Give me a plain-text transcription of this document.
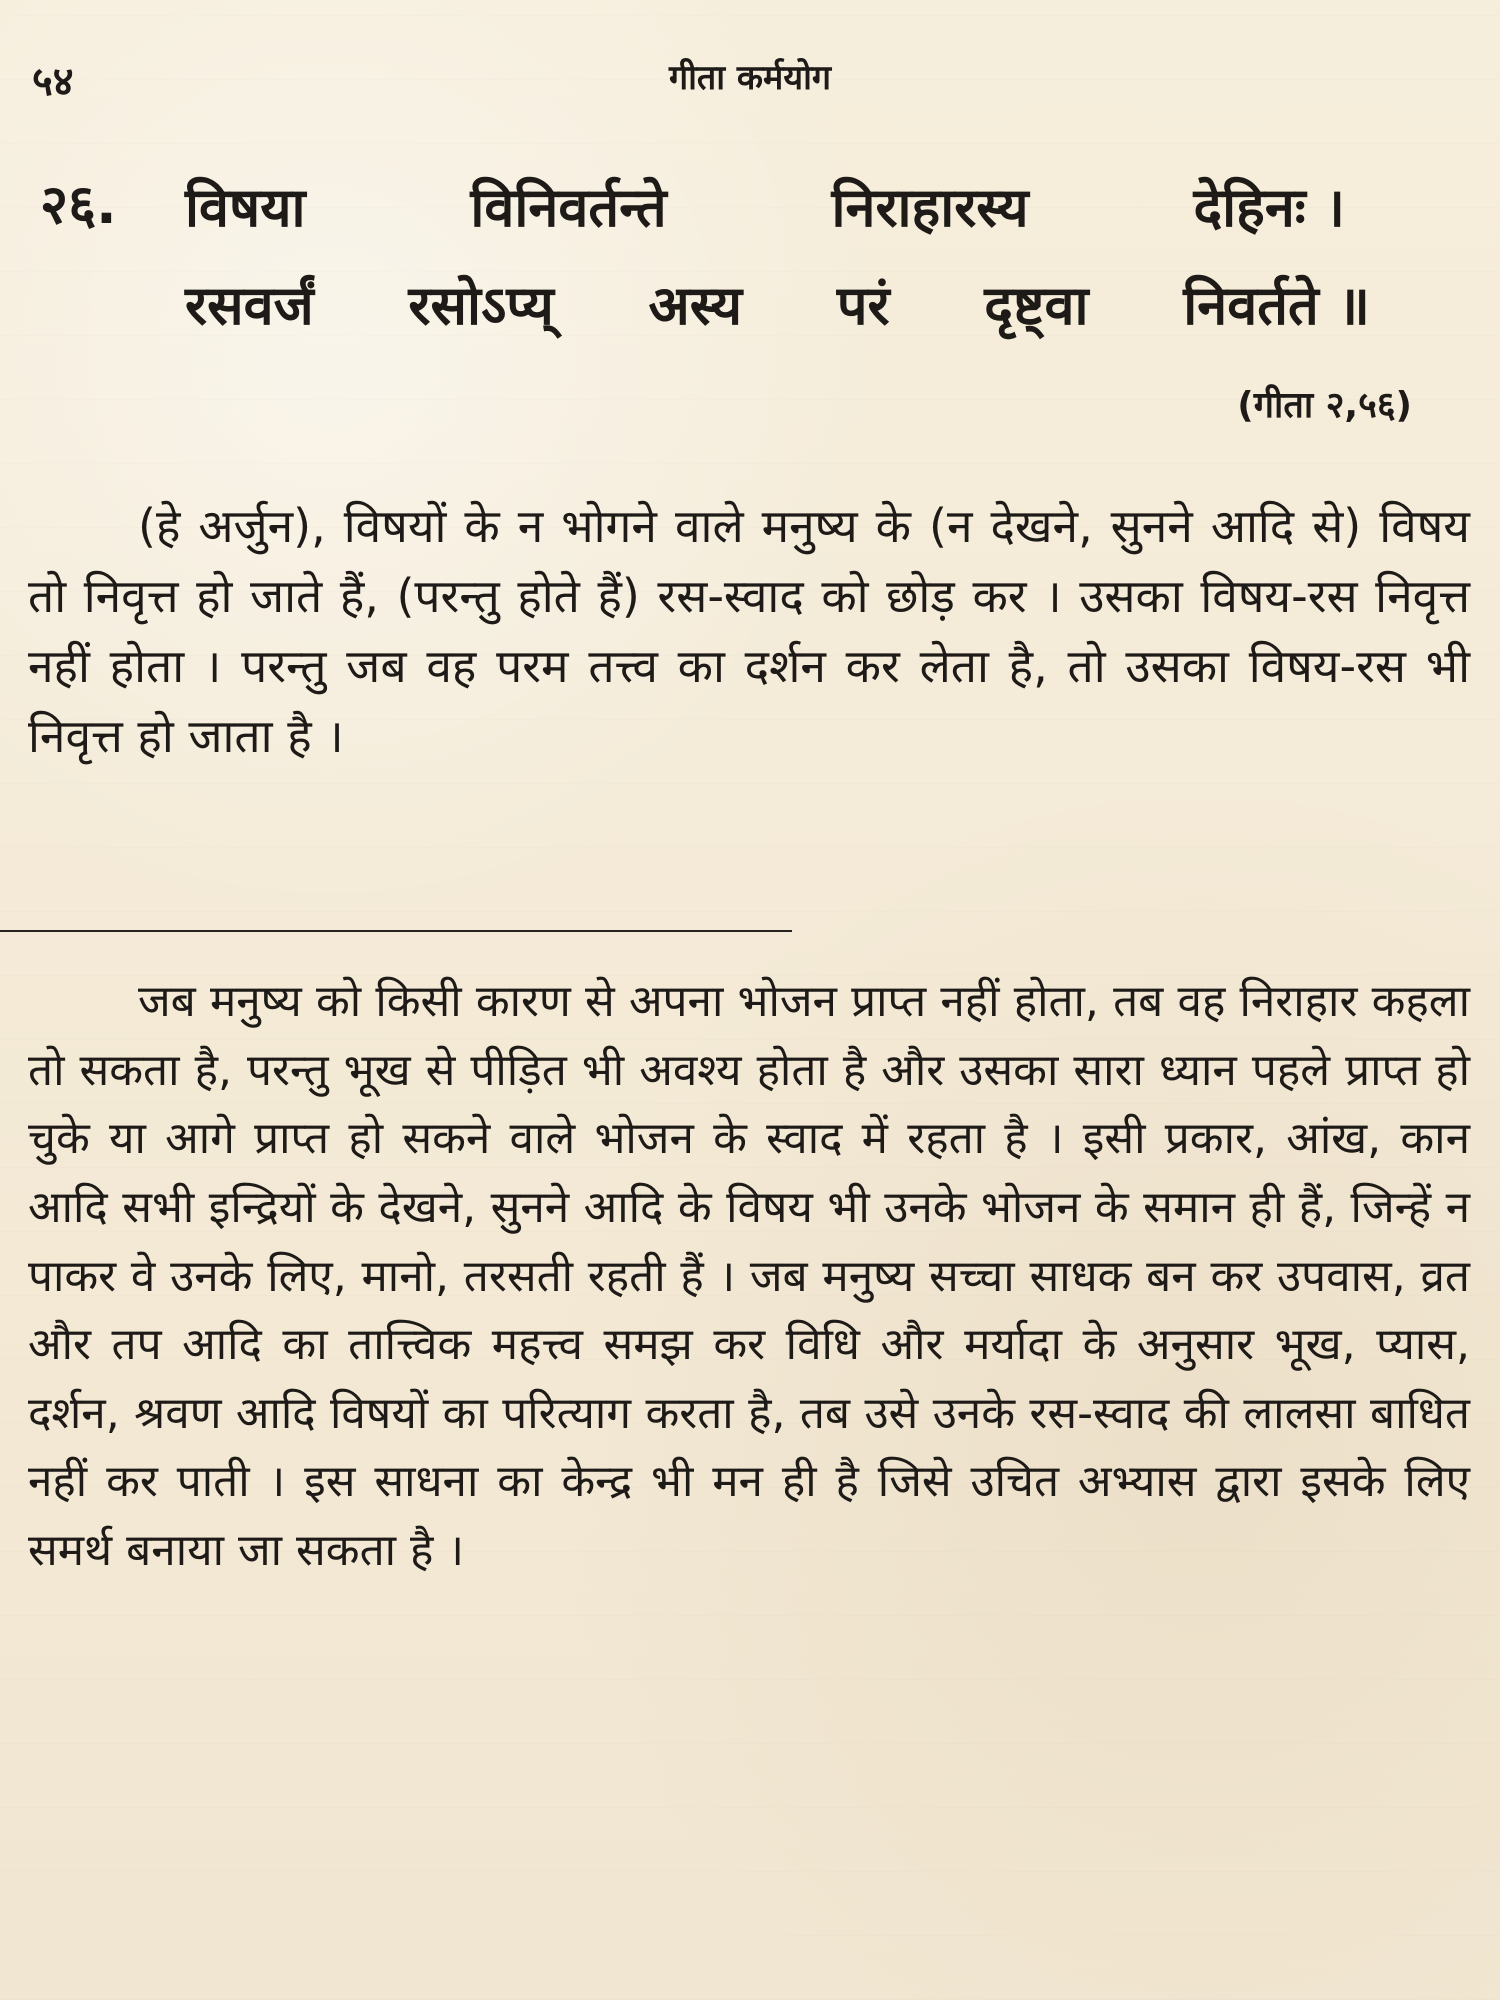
५४	गीता कर्मयोग
२६. विषया	विनिवर्तन्ते	निराहारस्य	देहिनः ।
रसवर्जं रसोऽप्य् अस्य परं दृष्ट्वा निवर्तते ॥
(गीता २,५६)
(हे अर्जुन), विषयों के न भोगने वाले मनुष्य के (न देखने, सुनने आदि से) विषय तो निवृत्त हो जाते हैं, (परन्तु होते हैं) रस-स्वाद को छोड़ कर । उसका विषय-रस निवृत्त नहीं होता । परन्तु जब वह परम तत्त्व का दर्शन कर लेता है, तो उसका विषय-रस भी निवृत्त हो जाता है ।
जब मनुष्य को किसी कारण से अपना भोजन प्राप्त नहीं होता, तब वह निराहार कहला तो सकता है, परन्तु भूख से पीड़ित भी अवश्य होता है और उसका सारा ध्यान पहले प्राप्त हो चुके या आगे प्राप्त हो सकने वाले भोजन के स्वाद में रहता है । इसी प्रकार, आंख, कान आदि सभी इन्द्रियों के देखने, सुनने आदि के विषय भी उनके भोजन के समान ही हैं, जिन्हें न पाकर वे उनके लिए, मानो, तरसती रहती हैं । जब मनुष्य सच्चा साधक बन कर उपवास, व्रत और तप आदि का तात्त्विक महत्त्व समझ कर विधि और मर्यादा के अनुसार भूख, प्यास, दर्शन, श्रवण आदि विषयों का परित्याग करता है, तब उसे उनके रस-स्वाद की लालसा बाधित नहीं कर पाती । इस साधना का केन्द्र भी मन ही है जिसे उचित अभ्यास द्वारा इसके लिए समर्थ बनाया जा सकता है ।
